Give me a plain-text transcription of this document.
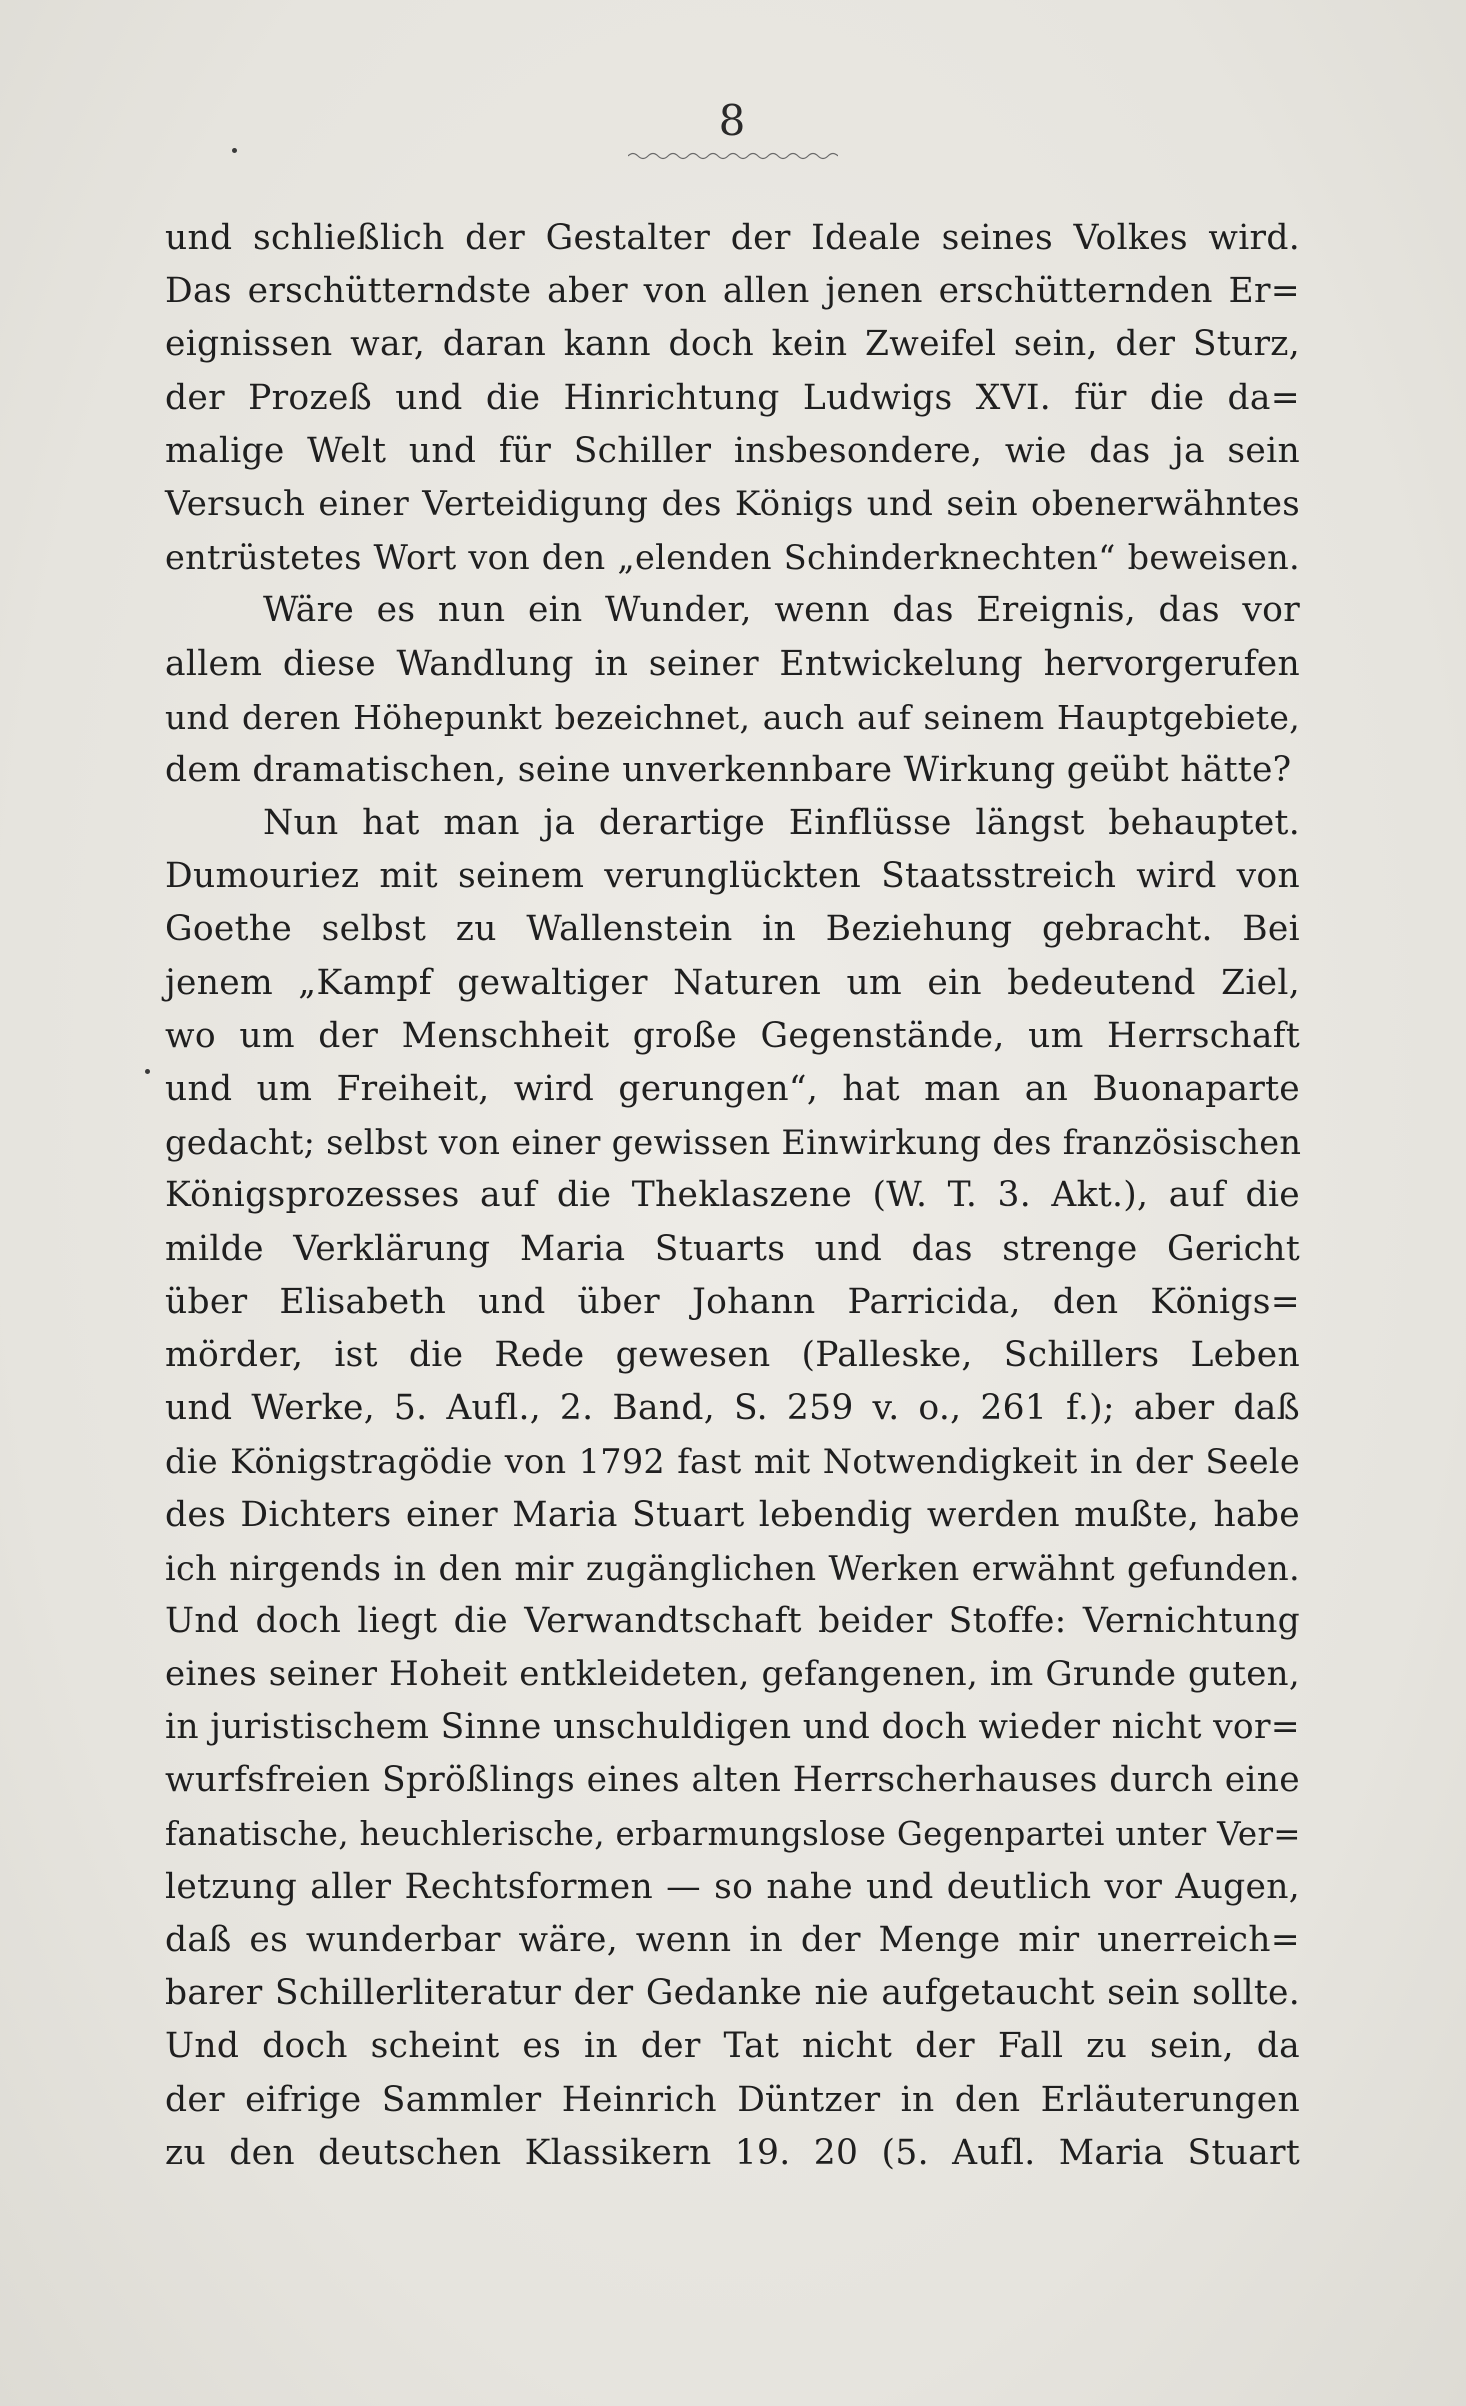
8
und schließlich der Gestalter der Ideale seines Volkes wird.
Das erschütterndste aber von allen jenen erschütternden Er=
eignissen war, daran kann doch kein Zweifel sein, der Sturz,
der Prozeß und die Hinrichtung Ludwigs XVI. für die da=
malige Welt und für Schiller insbesondere, wie das ja sein
Versuch einer Verteidigung des Königs und sein obenerwähntes
entrüstetes Wort von den „elenden Schinderknechten“ beweisen.
Wäre es nun ein Wunder, wenn das Ereignis, das vor
allem diese Wandlung in seiner Entwickelung hervorgerufen
und deren Höhepunkt bezeichnet, auch auf seinem Hauptgebiete,
dem dramatischen, seine unverkennbare Wirkung geübt hätte?
Nun hat man ja derartige Einflüsse längst behauptet.
Dumouriez mit seinem verunglückten Staatsstreich wird von
Goethe selbst zu Wallenstein in Beziehung gebracht. Bei
jenem „Kampf gewaltiger Naturen um ein bedeutend Ziel,
wo um der Menschheit große Gegenstände, um Herrschaft
und um Freiheit, wird gerungen“, hat man an Buonaparte
gedacht; selbst von einer gewissen Einwirkung des französischen
Königsprozesses auf die Theklaszene (W. T. 3. Akt.), auf die
milde Verklärung Maria Stuarts und das strenge Gericht
über Elisabeth und über Johann Parricida, den Königs=
mörder, ist die Rede gewesen (Palleske, Schillers Leben
und Werke, 5. Aufl., 2. Band, S. 259 v. o., 261 f.); aber daß
die Königstragödie von 1792 fast mit Notwendigkeit in der Seele
des Dichters einer Maria Stuart lebendig werden mußte, habe
ich nirgends in den mir zugänglichen Werken erwähnt gefunden.
Und doch liegt die Verwandtschaft beider Stoffe: Vernichtung
eines seiner Hoheit entkleideten, gefangenen, im Grunde guten,
in juristischem Sinne unschuldigen und doch wieder nicht vor=
wurfsfreien Sprößlings eines alten Herrscherhauses durch eine
fanatische, heuchlerische, erbarmungslose Gegenpartei unter Ver=
letzung aller Rechtsformen — so nahe und deutlich vor Augen,
daß es wunderbar wäre, wenn in der Menge mir unerreich=
barer Schillerliteratur der Gedanke nie aufgetaucht sein sollte.
Und doch scheint es in der Tat nicht der Fall zu sein, da
der eifrige Sammler Heinrich Düntzer in den Erläuterungen
zu den deutschen Klassikern 19. 20 (5. Aufl. Maria Stuart
